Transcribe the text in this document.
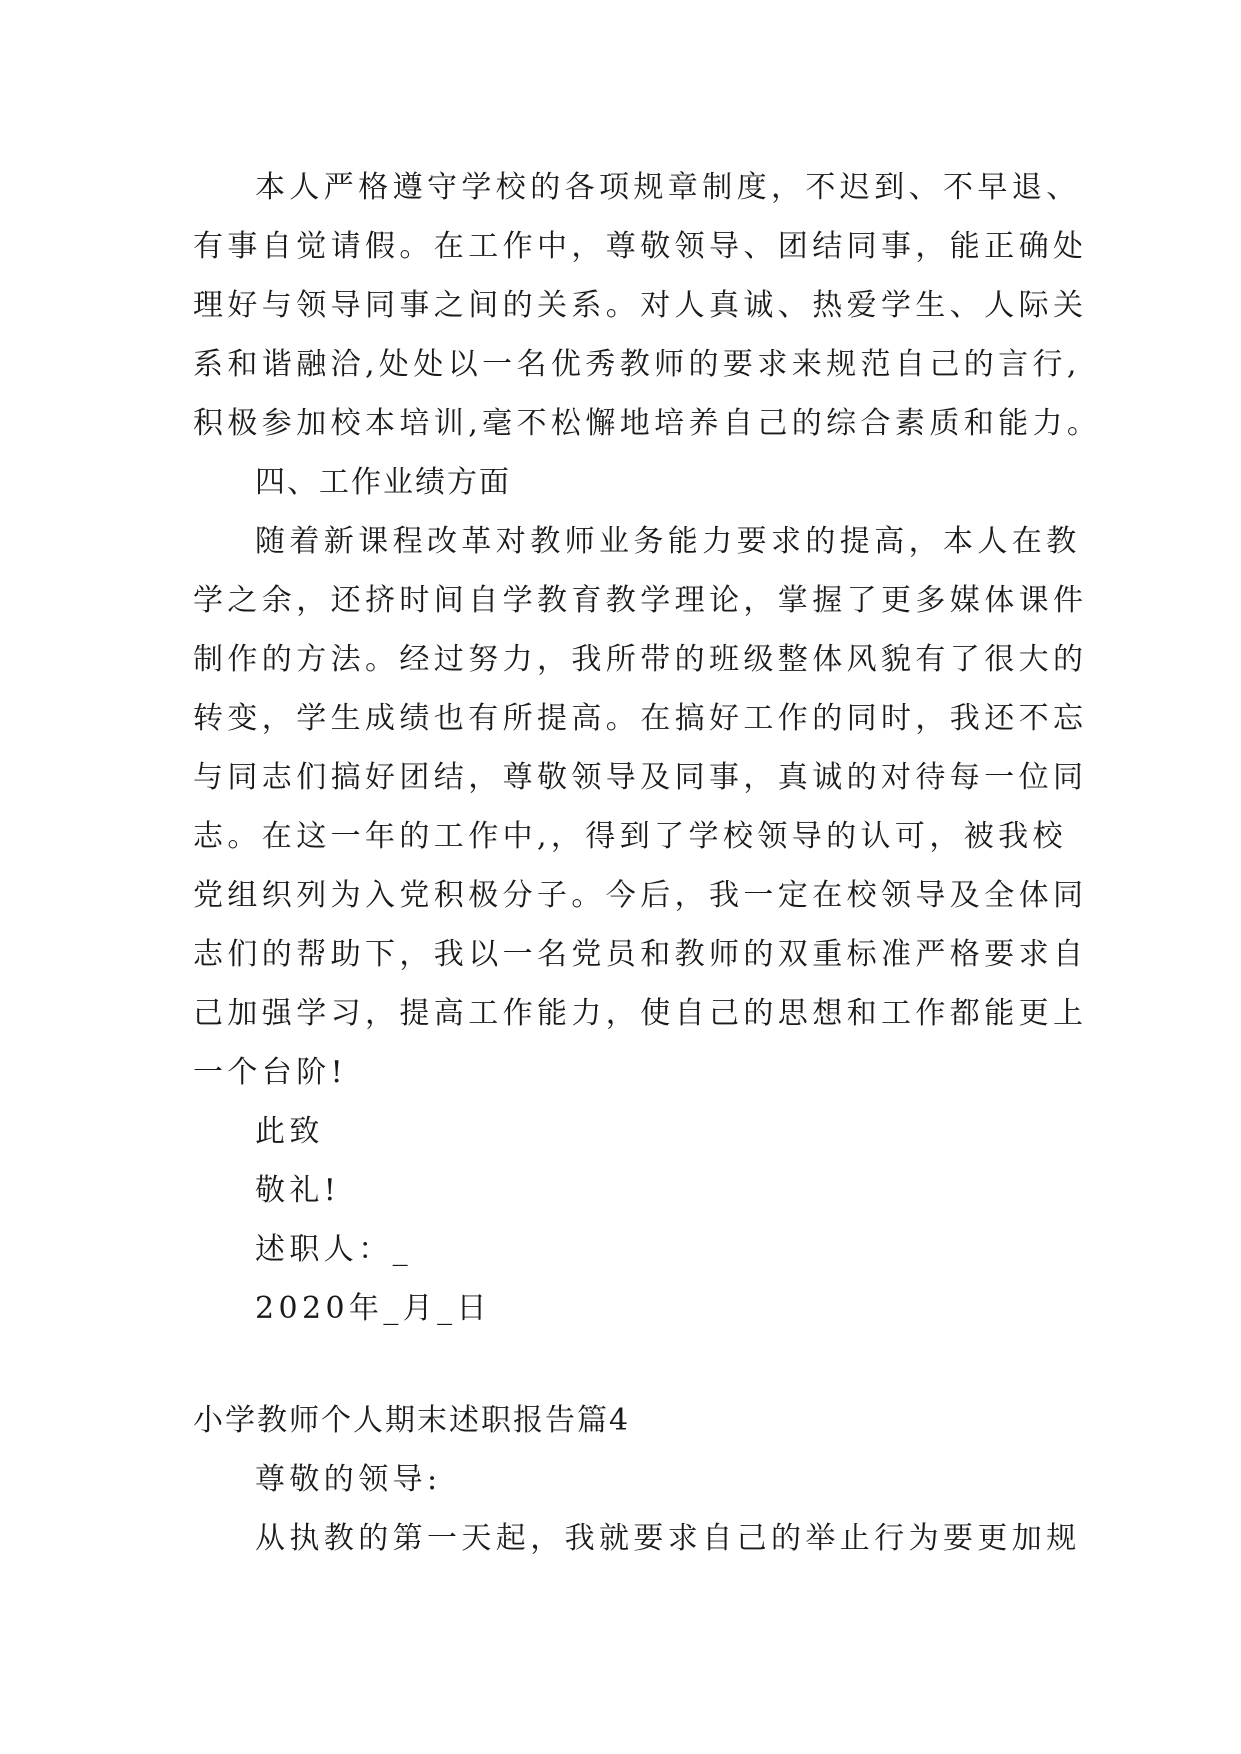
本人严格遵守学校的各项规章制度，不迟到、不早退、
有事自觉请假。在工作中，尊敬领导、团结同事，能正确处
理好与领导同事之间的关系。对人真诚、热爱学生、人际关
系和谐融洽,处处以一名优秀教师的要求来规范自己的言行,
积极参加校本培训,毫不松懈地培养自己的综合素质和能力。
四、工作业绩方面
随着新课程改革对教师业务能力要求的提高，本人在教
学之余，还挤时间自学教育教学理论，掌握了更多媒体课件
制作的方法。经过努力，我所带的班级整体风貌有了很大的
转变，学生成绩也有所提高。在搞好工作的同时，我还不忘
与同志们搞好团结，尊敬领导及同事，真诚的对待每一位同
志。在这一年的工作中,，得到了学校领导的认可，被我校
党组织列为入党积极分子。今后，我一定在校领导及全体同
志们的帮助下，我以一名党员和教师的双重标准严格要求自
己加强学习，提高工作能力，使自己的思想和工作都能更上
一个台阶!
此致
敬礼!
述职人：_
2020年_月_日
小学教师个人期末述职报告篇4
尊敬的领导:
从执教的第一天起，我就要求自己的举止行为要更加规
